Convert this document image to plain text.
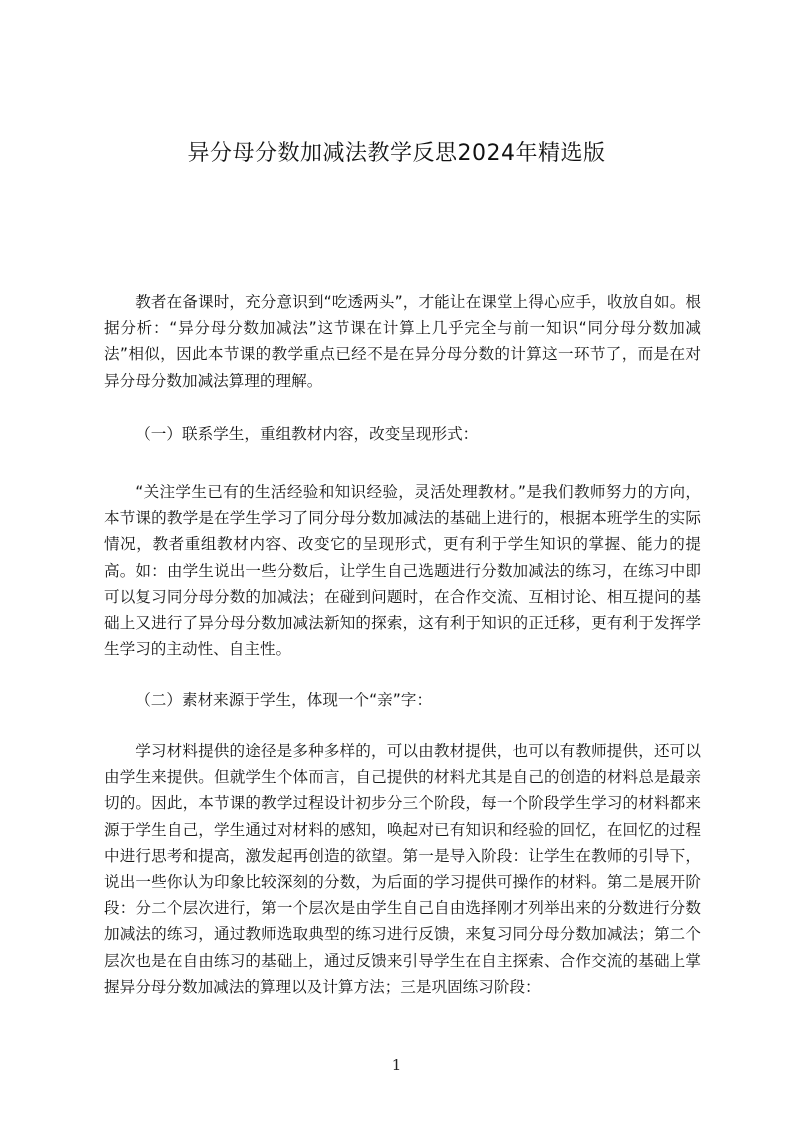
异分母分数加减法教学反思2024年精选版

教者在备课时，充分意识到“吃透两头”，才能让在课堂上得心应手，收放自如。根据分析：“异分母分数加减法”这节课在计算上几乎完全与前一知识“同分母分数加减法”相似，因此本节课的教学重点已经不是在异分母分数的计算这一环节了，而是在对异分母分数加减法算理的理解。

（一）联系学生，重组教材内容，改变呈现形式：

“关注学生已有的生活经验和知识经验，灵活处理教材。”是我们教师努力的方向，本节课的教学是在学生学习了同分母分数加减法的基础上进行的，根据本班学生的实际情况，教者重组教材内容、改变它的呈现形式，更有利于学生知识的掌握、能力的提高。如：由学生说出一些分数后，让学生自己选题进行分数加减法的练习，在练习中即可以复习同分母分数的加减法；在碰到问题时，在合作交流、互相讨论、相互提问的基础上又进行了异分母分数加减法新知的探索，这有利于知识的正迁移，更有利于发挥学生学习的主动性、自主性。

（二）素材来源于学生，体现一个“亲”字：

学习材料提供的途径是多种多样的，可以由教材提供，也可以有教师提供，还可以由学生来提供。但就学生个体而言，自己提供的材料尤其是自己的创造的材料总是最亲切的。因此，本节课的教学过程设计初步分三个阶段，每一个阶段学生学习的材料都来源于学生自己，学生通过对材料的感知，唤起对已有知识和经验的回忆，在回忆的过程中进行思考和提高，激发起再创造的欲望。第一是导入阶段：让学生在教师的引导下，说出一些你认为印象比较深刻的分数，为后面的学习提供可操作的材料。第二是展开阶段：分二个层次进行，第一个层次是由学生自己自由选择刚才列举出来的分数进行分数加减法的练习，通过教师选取典型的练习进行反馈，来复习同分母分数加减法；第二个层次也是在自由练习的基础上，通过反馈来引导学生在自主探索、合作交流的基础上掌握异分母分数加减法的算理以及计算方法；三是巩固练习阶段：

1
